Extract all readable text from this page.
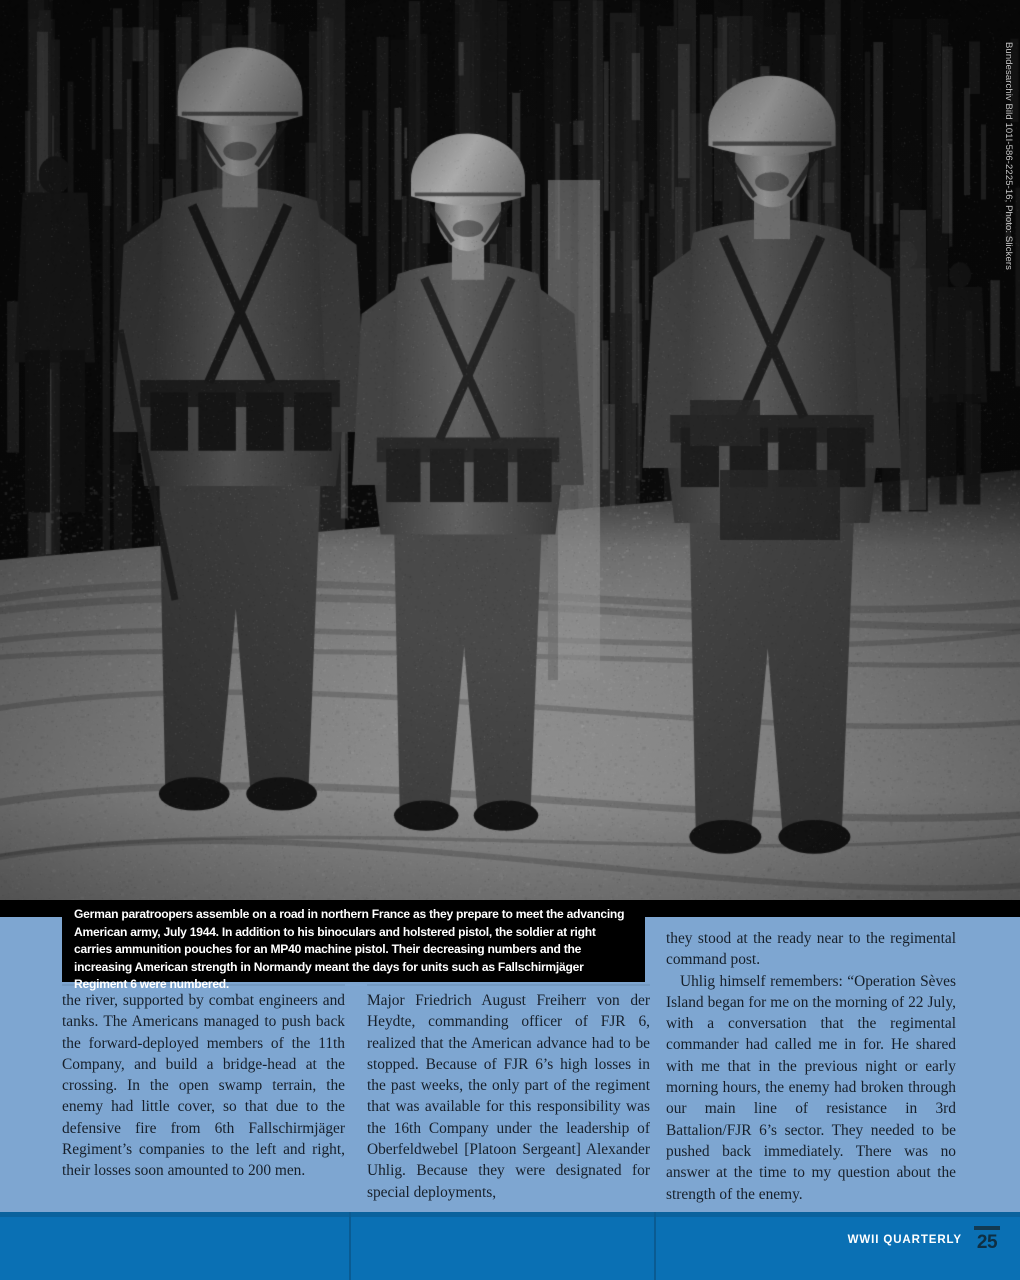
Bundesarchiv Bild 101I-586-2225-16; Photo: Slickers

German paratroopers assemble on a road in northern France as they prepare to meet the advancing American army, July 1944. In addition to his binoculars and holstered pistol, the soldier at right carries ammunition pouches for an MP40 machine pistol. Their decreasing numbers and the increasing American strength in Normandy meant the days for units such as Fallschirmjäger Regiment 6 were numbered.

the river, supported by combat engineers and tanks. The Americans managed to push back the forward-deployed members of the 11th Company, and build a bridge-head at the crossing. In the open swamp terrain, the enemy had little cover, so that due to the defensive fire from 6th Fallschirmjäger Regiment’s companies to the left and right, their losses soon amounted to 200 men.

Major Friedrich August Freiherr von der Heydte, commanding officer of FJR 6, realized that the American advance had to be stopped. Because of FJR 6’s high losses in the past weeks, the only part of the regiment that was available for this responsibility was the 16th Company under the leadership of Oberfeldwebel [Platoon Sergeant] Alexander Uhlig. Because they were designated for special deployments,

they stood at the ready near to the regimental command post.

Uhlig himself remembers: “Operation Sèves Island began for me on the morning of 22 July, with a conversation that the regimental commander had called me in for. He shared with me that in the previous night or early morning hours, the enemy had broken through our main line of resistance in 3rd Battalion/FJR 6’s sector. They needed to be pushed back immediately. There was no answer at the time to my question about the strength of the enemy.

WWII QUARTERLY 25
